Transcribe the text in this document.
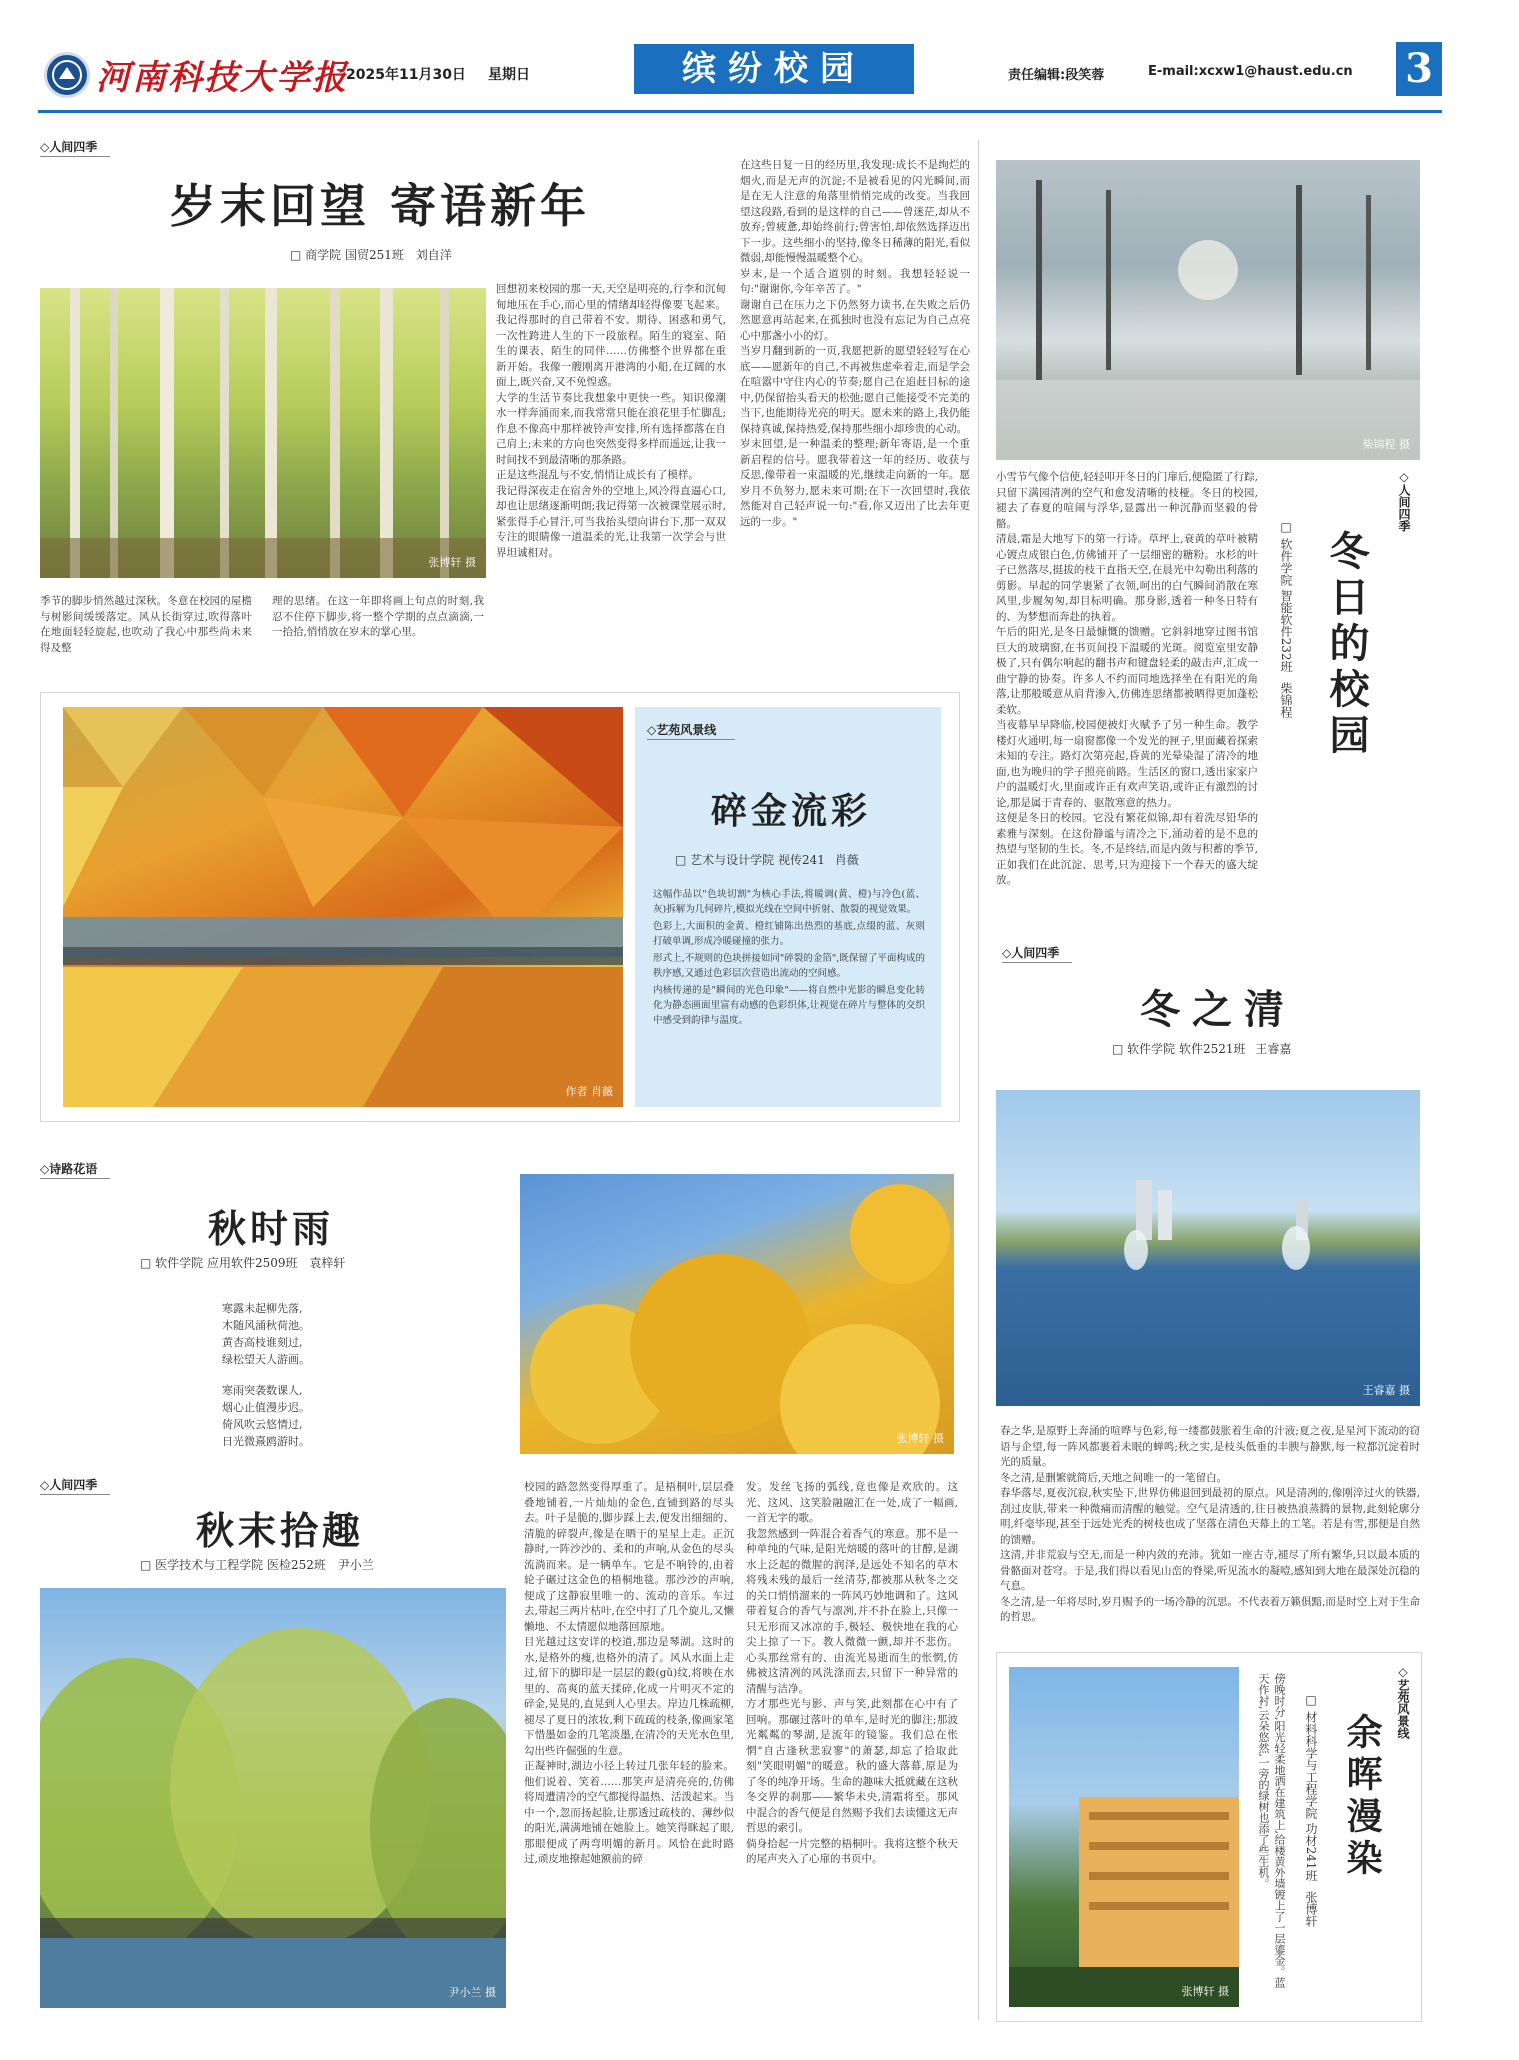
河南科技大学报
2025年11月30日 星期日	缤纷校园	责任编辑:段笑蓉	E-mail:xcxw1@haust.edu.cn 3
◇人间四季
岁末回望 寄语新年
□ 商学院 国贸251班 刘自洋
张博轩 摄
季节的脚步悄然越过深秋。冬意在校园的屋檐与树影间缓缓落定。风从长街穿过,吹得落叶在地面轻轻旋起,也吹动了我心中那些尚未来得及整
理的思绪。在这一年即将画上句点的时刻,我忍不住停下脚步,将一整个学期的点点滴滴,一一拾拾,悄悄放在岁末的掌心里。
回想初来校园的那一天,天空是明亮的,行李和沉甸甸地压在手心,而心里的情绪却轻得像要飞起来。我记得那时的自己带着不安、期待、困惑和勇气,一次性跨进人生的下一段旅程。陌生的寝室、陌生的课表、陌生的同伴……仿佛整个世界都在重新开始。我像一艘刚离开港湾的小船,在辽阔的水面上,既兴奋,又不免惶惑。
大学的生活节奏比我想象中更快一些。知识像潮水一样奔涌而来,而我常常只能在浪花里手忙脚乱;作息不像高中那样被铃声安排,所有选择都落在自己肩上;未来的方向也突然变得多样而遥远,让我一时间找不到最清晰的那条路。
正是这些混乱与不安,悄悄让成长有了模样。
我记得深夜走在宿舍外的空地上,风冷得直逼心口,却也让思绪逐渐明朗;我记得第一次被课堂展示时,紧张得手心冒汗,可当我抬头望向讲台下,那一双双专注的眼睛像一道温柔的光,让我第一次学会与世界坦诚相对。
在这些日复一日的经历里,我发现:成长不是绚烂的烟火,而是无声的沉淀;不是被看见的闪光瞬间,而是在无人注意的角落里悄悄完成的改变。当我回望这段路,看到的是这样的自己——曾迷茫,却从不放弃;曾疲惫,却始终前行;曾害怕,却依然选择迈出下一步。这些细小的坚持,像冬日稀薄的阳光,看似微弱,却能慢慢温暖整个心。
岁末,是一个适合道别的时刻。我想轻轻说一句:"谢谢你,今年辛苦了。"
谢谢自己在压力之下仍然努力读书,在失败之后仍然愿意再站起来,在孤独时也没有忘记为自己点亮心中那盏小小的灯。
当岁月翻到新的一页,我愿把新的愿望轻轻写在心底——愿新年的自己,不再被焦虑牵着走,而是学会在喧嚣中守住内心的节奏;愿自己在追赶目标的途中,仍保留抬头看天的松弛;愿自己能接受不完美的当下,也能期待光亮的明天。愿未来的路上,我仍能保持真诚,保持热爱,保持那些细小却珍贵的心动。
岁末回望,是一种温柔的整理;新年寄语,是一个重新启程的信号。愿我带着这一年的经历、收获与反思,像带着一束温暖的光,继续走向新的一年。愿岁月不负努力,愿未来可期;在下一次回望时,我依然能对自己轻声说一句:"看,你又迈出了比去年更远的一步。"
作者 肖薇
◇艺苑风景线
碎金流彩
□ 艺术与设计学院 视传241 肖薇

这幅作品以"色块切割"为核心手法,将暖调(黄、橙)与冷色(蓝、灰)拆解为几何碎片,模拟光线在空间中折射、散裂的视觉效果。

色彩上,大面积的金黄、橙红铺陈出热烈的基底,点缀的蓝、灰则打破单调,形成冷暖碰撞的张力。

形式上,不规则的色块拼接如同"碎裂的金箔",既保留了平面构成的秩序感,又通过色彩层次营造出流动的空间感。

内核传递的是"瞬间的光色印象"——将自然中光影的瞬息变化转化为静态画面里富有动感的色彩织体,让视觉在碎片与整体的交织中感受到韵律与温度。

柴锦程 摄
小雪节气像个信使,轻轻叩开冬日的门扉后,便隐匿了行踪,只留下满园清冽的空气和愈发清晰的枝桠。冬日的校园,褪去了春夏的喧闹与浮华,显露出一种沉静而坚毅的骨骼。
清晨,霜是大地写下的第一行诗。草坪上,衰黄的草叶被精心镀点成银白色,仿佛铺开了一层细密的糖粉。水杉的叶子已然落尽,挺拔的枝干直指天空,在晨光中勾勒出利落的剪影。早起的同学裹紧了衣领,呵出的白气瞬间消散在寒风里,步履匆匆,却目标明确。那身影,透着一种冬日特有的、为梦想而奔赴的执着。
午后的阳光,是冬日最慷慨的馈赠。它斜斜地穿过图书馆巨大的玻璃窗,在书页间投下温暖的光斑。阅览室里安静极了,只有偶尔响起的翻书声和键盘轻柔的敲击声,汇成一曲宁静的协奏。许多人不约而同地选择坐在有阳光的角落,让那般暖意从肩背渗入,仿佛连思绪都被晒得更加蓬松柔软。
当夜幕早早降临,校园便被灯火赋予了另一种生命。教学楼灯火通明,每一扇窗都像一个发光的匣子,里面藏着探索未知的专注。路灯次第亮起,昏黄的光晕染湿了清冷的地面,也为晚归的学子照亮前路。生活区的窗口,透出家家户户的温暖灯火,里面或许正有欢声笑语,或许正有激烈的讨论,那是属于青春的、驱散寒意的热力。
这便是冬日的校园。它没有繁花似锦,却有着洗尽铅华的素雅与深刻。在这份静谧与清冷之下,涌动着的是不息的热望与坚韧的生长。冬,不是终结,而是内敛与积蓄的季节,正如我们在此沉淀、思考,只为迎接下一个春天的盛大绽放。
◇人间四季
冬日的校园
□ 软件学院 智能软件232班 柴锦程
◇人间四季
冬之清
□ 软件学院 软件2521班 王睿嘉
王睿嘉 摄
春之华,是原野上奔涌的喧哗与色彩,每一缕都鼓胀着生命的汁液;夏之夜,是星河下流动的窃语与企望,每一阵风都裹着未眠的蝉鸣;秋之实,是枝头低垂的丰腴与静默,每一粒都沉淀着时光的质量。
冬之清,是删繁就简后,天地之间唯一的一笔留白。
春华落尽,夏夜沉寂,秋实坠下,世界仿佛退回到最初的原点。风是清冽的,像刚淬过火的铁器,刮过皮肤,带来一种微痛而清醒的触觉。空气是清透的,往日被热浪蒸腾的景物,此刻轮廓分明,纤毫毕现,甚至于远处光秃的树枝也成了坚落在清色天幕上的工笔。若是有雪,那便是自然的馈赠。
这清,并非荒寂与空无,而是一种内敛的充沛。犹如一座古寺,褪尽了所有繁华,只以最本质的骨骼面对苍穹。于是,我们得以看见山峦的脊梁,听见流水的凝噎,感知到大地在最深处沉稳的气息。
冬之清,是一年将尽时,岁月赐予的一场冷静的沉思。不代表着万籁俱黯,而是时空上对于生命的哲思。
张博轩 摄
傍晚时分,阳光轻柔地洒在建筑上,给楼黄外墙镀上了一层鎏金。蓝天作衬,云朵悠然,一旁的绿树也添了些生机。	□ 材料科学与工程学院 功材241班 张博轩
余晖漫染
◇艺苑风景线
◇诗路花语
秋时雨
□ 软件学院 应用软件2509班 袁梓轩
寒露未起柳先落,
木随风涌秋荷池。
黄杏高枝谁刻过,
绿松望天人游画。
寒雨突袭数课人,
烟心止值漫步迟。
倚风吹云悠情过,
日光微熹鸥游时。	张博轩 摄
◇人间四季
秋末拾趣
□ 医学技术与工程学院 医检252班 尹小兰
尹小兰 摄
校园的路忽然变得厚重了。是梧桐叶,层层叠叠地铺着,一片灿灿的金色,直铺到路的尽头去。叶子是脆的,脚步踩上去,便发出细细的、清脆的碎裂声,像是在晒干的星星上走。正沉静时,一阵沙沙的、柔和的声响,从金色的尽头流淌而来。是一辆单车。它是不响铃的,由着轮子碾过这金色的梧桐地毯。那沙沙的声响,便成了这静寂里唯一的、流动的音乐。车过去,带起三两片枯叶,在空中打了几个旋儿,又懒懒地、不太情愿似地落回原地。
目光越过这安详的校道,那边是琴湖。这时的水,是格外的瘦,也格外的清了。风从水面上走过,留下的脚印是一层层的縠(gǔ)纹,将映在水里的、高爽的蓝天揉碎,化成一片明灭不定的碎金,晃晃的,直晃到人心里去。岸边几株疏柳,褪尽了夏日的浓妆,剩下疏疏的枝条,像画家笔下惜墨如金的几笔淡墨,在清冷的天光水色里,勾出些许倔强的生意。
正凝神时,湖边小径上转过几张年轻的脸来。他们说着、笑着……那笑声是清亮亮的,仿佛将周遭清冷的空气都搅得温热、活泼起来。当中一个,忽而扬起脸,让那透过疏枝的、薄纱似的阳光,满满地铺在她脸上。她笑得眯起了眼,那眼便成了两弯明媚的新月。风恰在此时路过,顽皮地撩起她额前的碎
发。发丝飞扬的弧线,竟也像是欢欣的。这光、这风、这笑脸融融汇在一处,成了一幅画,一首无字的歌。
我忽然感到一阵混合着香气的寒意。那不是一种单纯的气味,是阳光焙暖的落叶的甘醇,是湖水上泛起的微腥的润泽,是远处不知名的草木将残未残的最后一丝清芬,都被那从秋冬之交的关口悄悄溜来的一阵风巧妙地调和了。这风带着复合的香气与凛冽,并不扑在脸上,只像一只无形而又冰凉的手,极轻、极快地在我的心尖上掠了一下。教人微微一颤,却并不悲伤。心头那丝常有的、由流光易逝而生的怅惘,仿佛被这清冽的风洗涤而去,只留下一种异常的清醒与洁净。
方才那些光与影、声与笑,此刻都在心中有了回响。那碾过落叶的单车,是时光的脚注;那波光粼粼的琴湖,是流年的镜鉴。我们总在怅惘"自古逢秋悲寂寥"的萧瑟,却忘了拾取此刻"笑眼明媚"的暖意。秋的盛大落幕,原是为了冬的纯净开场。生命的趣味大抵就藏在这秋冬交界的刹那——繁华未央,清霜将至。那风中混合的香气便是自然赐予我们去读懂这无声哲思的索引。
倘身拾起一片完整的梧桐叶。我将这整个秋天的尾声夹入了心扉的书页中。
